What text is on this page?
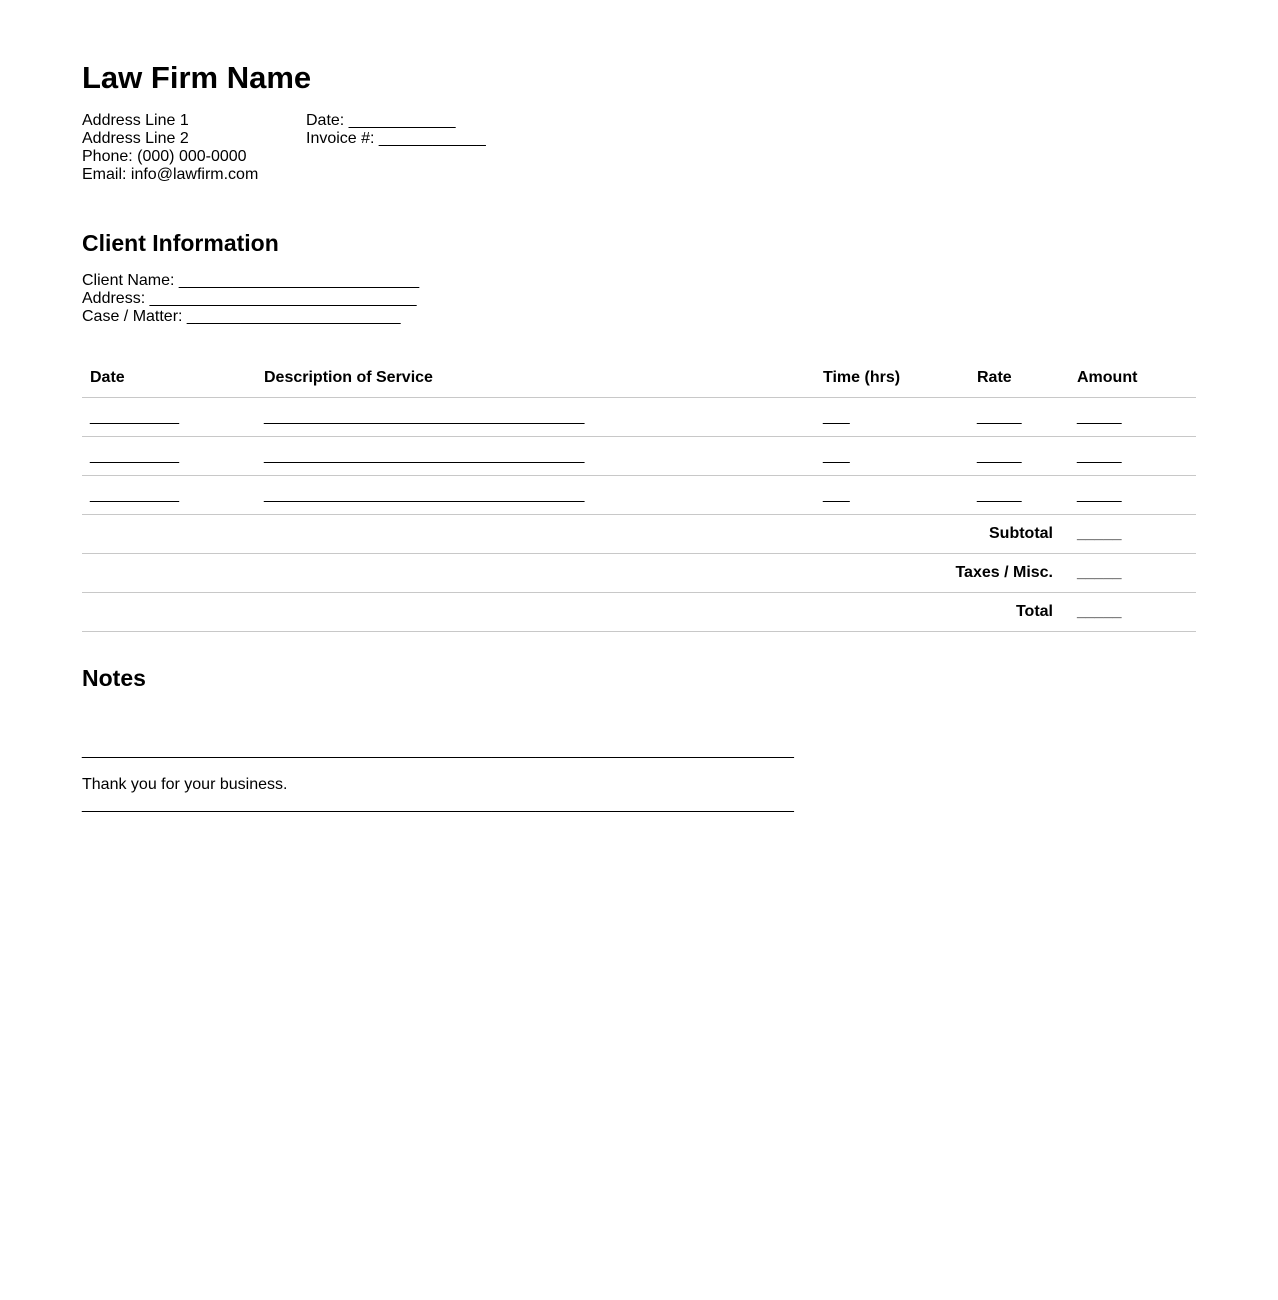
Law Firm Name
Address Line 1
Address Line 2
Phone: (000) 000-0000
Email: info@lawfirm.com
Date: ____________
Invoice #: ____________
Client Information
Client Name: ___________________________
Address: ______________________________
Case / Matter: ________________________
Date	Description of Service	Time (hrs)	Rate	Amount
__________	____________________________________	___	_____	_____
__________	____________________________________	___	_____	_____
__________	____________________________________	___	_____	_____
Subtotal				_____
Taxes / Misc.				_____
Total				_____
Notes

________________________________________________________________________________

________________________________________________________________________________

Thank you for your business.
